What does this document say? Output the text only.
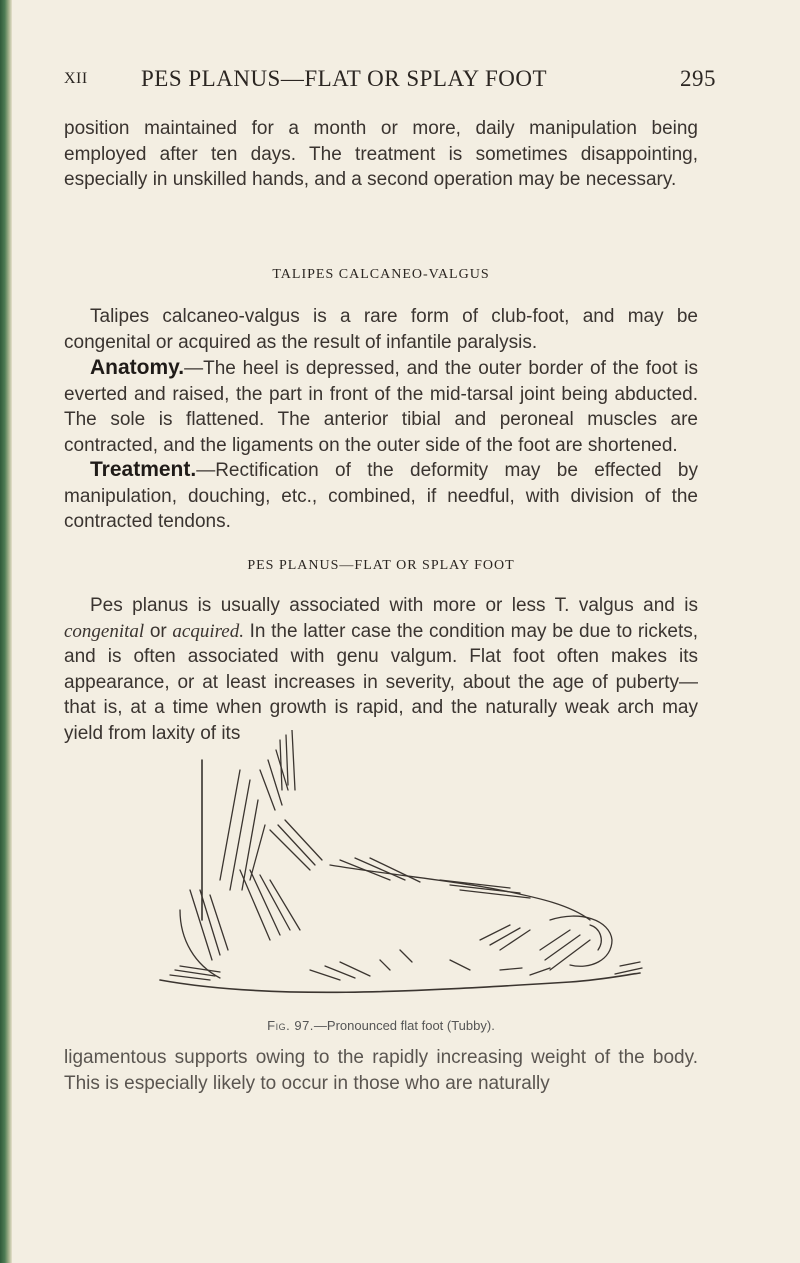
XII PES PLANUS—FLAT OR SPLAY FOOT	295
position maintained for a month or more, daily manipulation being employed after ten days. The treatment is sometimes disappointing, especially in unskilled hands, and a second operation may be necessary.
TALIPES CALCANEO-VALGUS
Talipes calcaneo-valgus is a rare form of club-foot, and may be congenital or acquired as the result of infantile paralysis.
Anatomy.—The heel is depressed, and the outer border of the foot is everted and raised, the part in front of the mid-tarsal joint being abducted. The sole is flattened. The anterior tibial and peroneal muscles are contracted, and the ligaments on the outer side of the foot are shortened.
Treatment.—Rectification of the deformity may be effected by manipulation, douching, etc., combined, if needful, with division of the contracted tendons.
PES PLANUS—FLAT OR SPLAY FOOT
Pes planus is usually associated with more or less T. valgus and is congenital or acquired. In the latter case the condition may be due to rickets, and is often associated with genu valgum. Flat foot often makes its appearance, or at least increases in severity, about the age of puberty—that is, at a time when growth is rapid, and the naturally weak arch may yield from laxity of its
Fig. 97.—Pronounced flat foot (Tubby).
ligamentous supports owing to the rapidly increasing weight of the body. This is especially likely to occur in those who are naturally
